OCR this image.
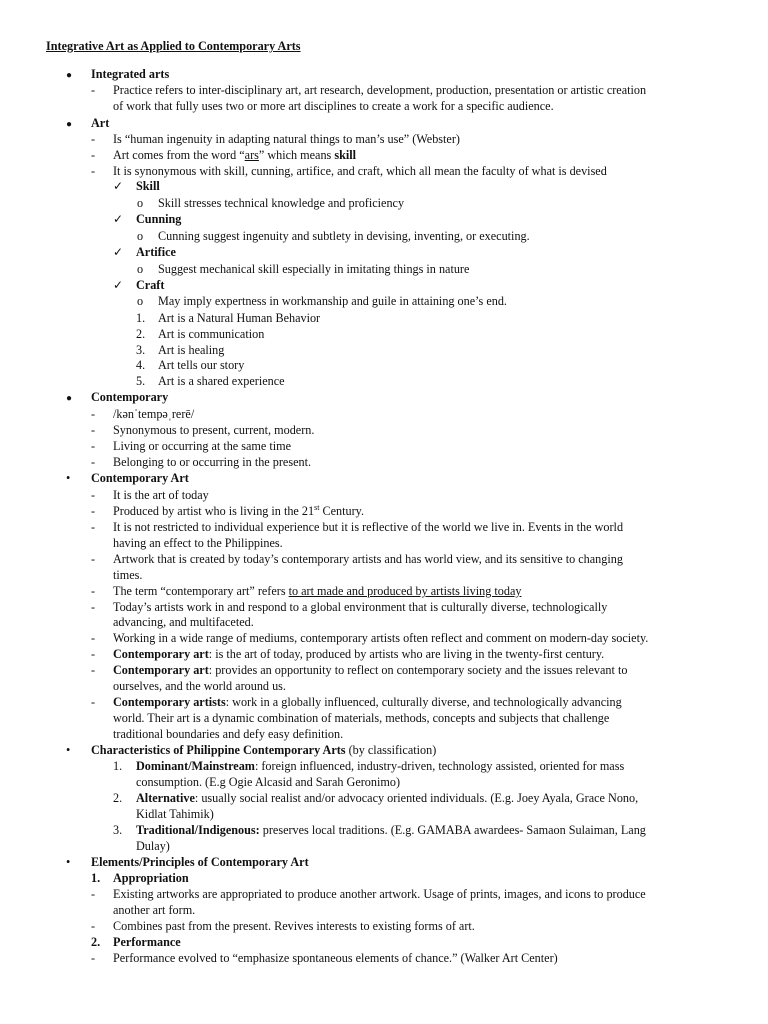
Integrative Art as Applied to Contemporary Arts
● Integrated arts
- Practice refers to inter-disciplinary art, art research, development, production, presentation or artistic creation
of work that fully uses two or more art disciplines to create a work for a specific audience.
● Art
- Is “human ingenuity in adapting natural things to man’s use” (Webster)
- Art comes from the word “ars” which means skill
- It is synonymous with skill, cunning, artifice, and craft, which all mean the faculty of what is devised
✓ Skill
o Skill stresses technical knowledge and proficiency
✓ Cunning
o Cunning suggest ingenuity and subtlety in devising, inventing, or executing.
✓ Artifice
o Suggest mechanical skill especially in imitating things in nature
✓ Craft
o May imply expertness in workmanship and guile in attaining one’s end.
1. Art is a Natural Human Behavior
2. Art is communication
3. Art is healing
4. Art tells our story
5. Art is a shared experience
● Contemporary
- /kənˈtempəˌrerē/
- Synonymous to present, current, modern.
- Living or occurring at the same time
- Belonging to or occurring in the present.
• Contemporary Art
- It is the art of today
- Produced by artist who is living in the 21st Century.
- It is not restricted to individual experience but it is reflective of the world we live in. Events in the world
having an effect to the Philippines.
- Artwork that is created by today’s contemporary artists and has world view, and its sensitive to changing
times.
- The term “contemporary art” refers to art made and produced by artists living today
- Today’s artists work in and respond to a global environment that is culturally diverse, technologically
advancing, and multifaceted.
- Working in a wide range of mediums, contemporary artists often reflect and comment on modern-day society.
- Contemporary art: is the art of today, produced by artists who are living in the twenty-first century.
- Contemporary art: provides an opportunity to reflect on contemporary society and the issues relevant to
ourselves, and the world around us.
- Contemporary artists: work in a globally influenced, culturally diverse, and technologically advancing
world. Their art is a dynamic combination of materials, methods, concepts and subjects that challenge
traditional boundaries and defy easy definition.
• Characteristics of Philippine Contemporary Arts (by classification)
1. Dominant/Mainstream: foreign influenced, industry-driven, technology assisted, oriented for mass
consumption. (E.g Ogie Alcasid and Sarah Geronimo)
2. Alternative: usually social realist and/or advocacy oriented individuals. (E.g. Joey Ayala, Grace Nono,
Kidlat Tahimik)
3. Traditional/Indigenous: preserves local traditions. (E.g. GAMABA awardees- Samaon Sulaiman, Lang
Dulay)
• Elements/Principles of Contemporary Art
1. Appropriation
- Existing artworks are appropriated to produce another artwork. Usage of prints, images, and icons to produce
another art form.
- Combines past from the present. Revives interests to existing forms of art.
2. Performance
- Performance evolved to “emphasize spontaneous elements of chance.” (Walker Art Center)
